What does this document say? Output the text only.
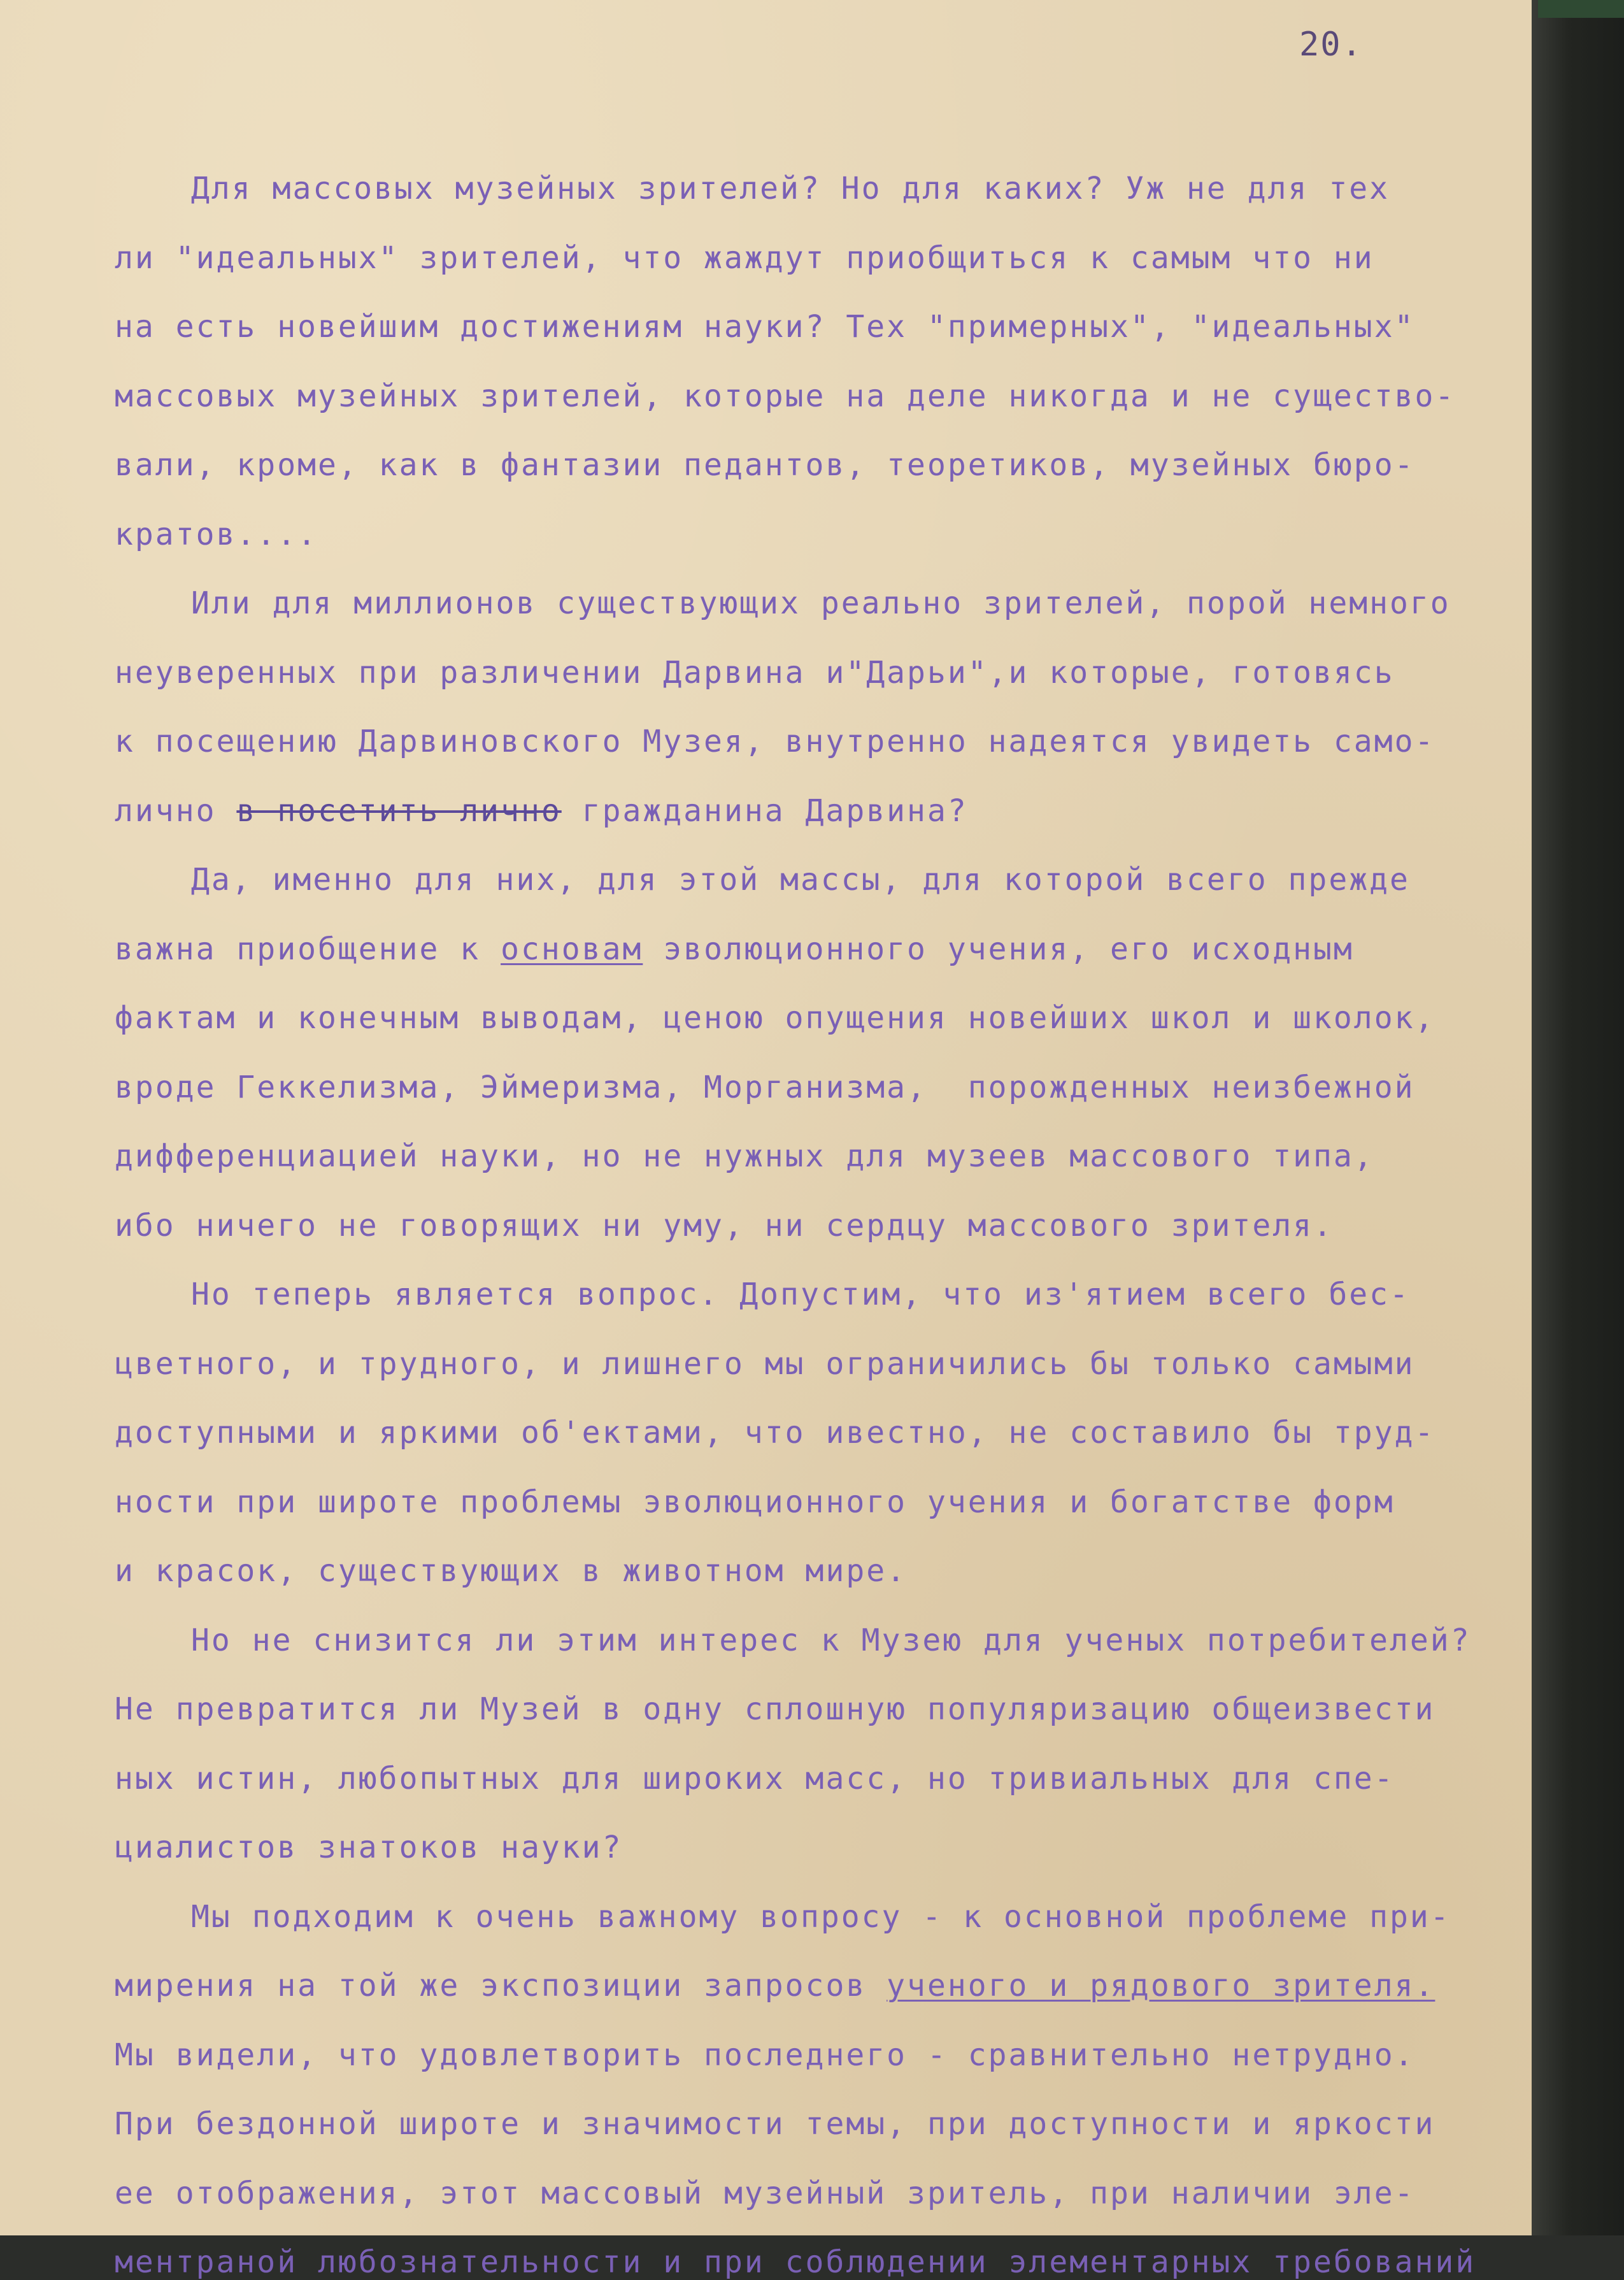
20.
Для массовых музейных зрителей? Но для каких? Уж не для тех
ли "идеальных" зрителей, что жаждут приобщиться к самым что ни
на есть новейшим достижениям науки? Тех "примерных", "идеальных"
массовых музейных зрителей, которые на деле никогда и не существо-
вали, кроме, как в фантазии педантов, теоретиков, музейных бюро-
кратов....
Или для миллионов существующих реально зрителей, порой немного
неуверенных при различении Дарвина и"Дарьи",и которые, готовясь
к посещению Дарвиновского Музея, внутренно надеятся увидеть само-
лично в посетить лично гражданина Дарвина?
Да, именно для них, для этой массы, для которой всего прежде
важна приобщение к основам эволюционного учения, его исходным
фактам и конечным выводам, ценою опущения новейших школ и школок,
вроде Геккелизма, Эймеризма, Морганизма,  порожденных неизбежной
дифференциацией науки, но не нужных для музеев массового типа,
ибо ничего не говорящих ни уму, ни сердцу массового зрителя.
Но теперь является вопрос. Допустим, что из'ятием всего бес-
цветного, и трудного, и лишнего мы ограничились бы только самыми
доступными и яркими об'ектами, что ивестно, не составило бы труд-
ности при широте проблемы эволюционного учения и богатстве форм
и красок, существующих в животном мире.
Но не снизится ли этим интерес к Музею для ученых потребителей?
Не превратится ли Музей в одну сплошную популяризацию общеизвести
ных истин, любопытных для широких масс, но тривиальных для спе-
циалистов знатоков науки?
Мы подходим к очень важному вопросу - к основной проблеме при-
мирения на той же экспозиции запросов ученого и рядового зрителя.
Мы видели, что удовлетворить последнего - сравнительно нетрудно.
При бездонной широте и значимости темы, при доступности и яркости
ее отображения, этот массовый музейный зритель, при наличии эле-
ментраной любознательности и при соблюдении элементарных требований
